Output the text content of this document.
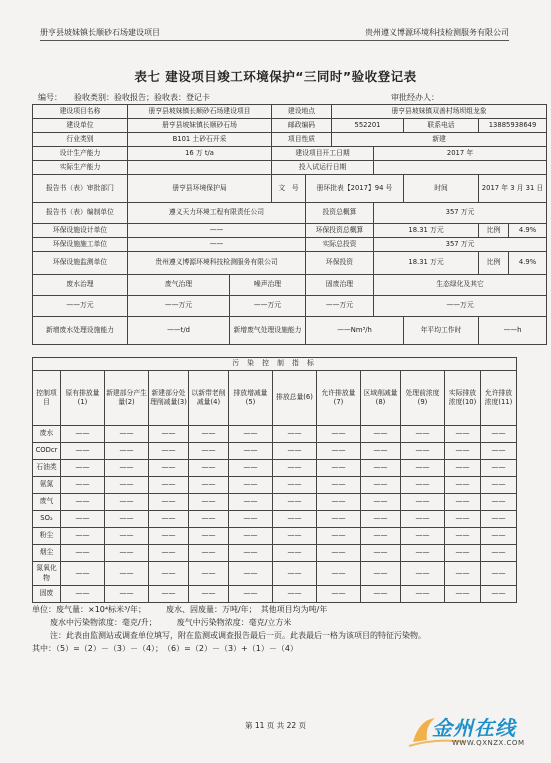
册亨县坡妹镇长顺砂石场建设项目	贵州遵义博源环境科技检测服务有限公司
表七 建设项目竣工环境保护“三同时”验收登记表
编号：　　验收类别：验收报告；验收表：登记卡	审批经办人：
建设项目名称	册亨县坡妹镇长顺砂石场建设项目		建设地点		册亨县坡妹镇双善村场坝组龙象				
建设单位	册亨县坡妹镇长顺砂石场		邮政编码		552201		联系电话	13885938649	
行业类别	B101 土砂石开采		项目性质		新建				
设计生产能力	16 万 t/a		建设项目开工日期			2017 年			
实际生产能力			投入试运行日期						
报告书（表）审批部门	册亨县环境保护局		文　号	册环批表【2017】94 号			时间	2017 年 3 月 31 日	
报告书（表）编制单位	遵义天力环境工程有限责任公司			投资总概算		357 万元			
环保设施设计单位	——			环保投资总概算		18.31 万元		比例	4.9%
环保设施施工单位	——			实际总投资		357 万元			
环保设施监测单位	贵州遵义博源环境科技检测服务有限公司			环保投资		18.31 万元		比例	4.9%
废水治理	废气治理	噪声治理		固废治理		生态绿化及其它			
——万元	——万元	——万元		——万元		——万元			
新增废水处理设施能力	——t/d	新增废气处理设施能力		——Nm³/h			年平均工作时	——h	
污 染 控 制 指 标											
控制项目	原有排放量(1)	新建部分产生量(2)	新建部分处理削减量(3)	以新带老削减量(4)	排放增减量(5)	排放总量(6)	允许排放量(7)	区域削减量(8)	处理前浓度(9)	实际排放浓度(10)	允许排放浓度(11)
废水	——	——	——	——	——	——	——	——	——	——	——
CODcr	——	——	——	——	——	——	——	——	——	——	——
石油类	——	——	——	——	——	——	——	——	——	——	——
氨氮	——	——	——	——	——	——	——	——	——	——	——
废气	——	——	——	——	——	——	——	——	——	——	——
SO₂	——	——	——	——	——	——	——	——	——	——	——
粉尘	——	——	——	——	——	——	——	——	——	——	——
烟尘	——	——	——	——	——	——	——	——	——	——	——
氮氧化物	——	——	——	——	——	——	——	——	——	——	——
固废	——	——	——	——	——	——	——	——	——	——	——
单位：废气量：×10⁴标米³/年；　　　废水、固废量：万吨/年；　其他项目均为吨/年
废水中污染物浓度：毫克/升；　　　废气中污染物浓度：毫克/立方米
注：此表由监测站或调查单位填写，附在监测或调查报告最后一页。此表最后一格为该项目的特征污染物。
其中：（5）=（2）－（3）－（4）；　（6）=（2）－（3）+（1）－（4）
第 11 页 共 22 页	金州在线
WWW.QXNZX.COM
